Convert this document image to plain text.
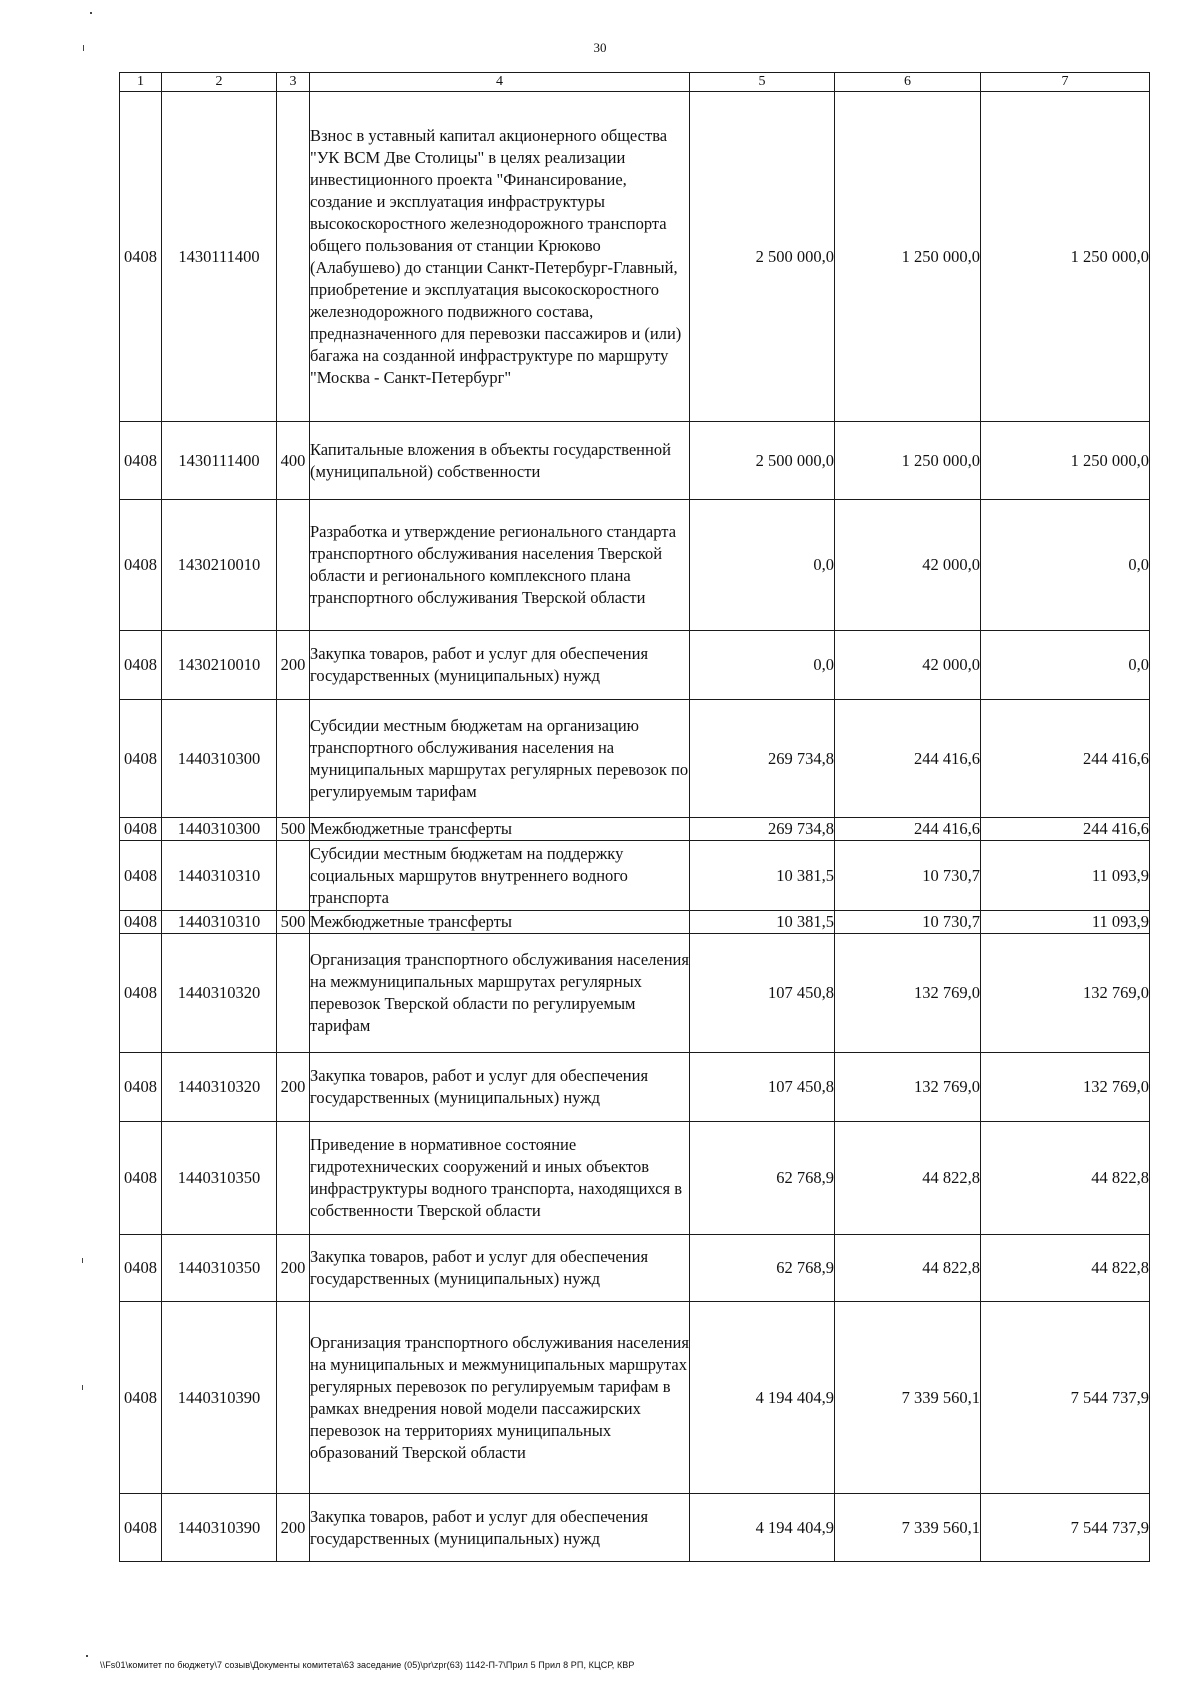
30
1	2	3	4	5	6	7
0408	1430111400		Взнос в уставный капитал акционерного общества "УК ВСМ Две Столицы" в целях реализации инвестиционного проекта "Финансирование, создание и эксплуатация инфраструктуры высокоскоростного железнодорожного транспорта общего пользования от станции Крюково (Алабушево) до станции Санкт-Петербург-Главный, приобретение и эксплуатация высокоскоростного железнодорожного подвижного состава, предназначенного для перевозки пассажиров и (или) багажа на созданной инфраструктуре по маршруту "Москва - Санкт-Петербург"	2 500 000,0	1 250 000,0	1 250 000,0
0408	1430111400	400	Капитальные вложения в объекты государственной (муниципальной) собственности	2 500 000,0	1 250 000,0	1 250 000,0
0408	1430210010		Разработка и утверждение регионального стандарта транспортного обслуживания населения Тверской области и регионального комплексного плана транспортного обслуживания Тверской области	0,0	42 000,0	0,0
0408	1430210010	200	Закупка товаров, работ и услуг для обеспечения государственных (муниципальных) нужд	0,0	42 000,0	0,0
0408	1440310300		Субсидии местным бюджетам на организацию транспортного обслуживания населения на муниципальных маршрутах регулярных перевозок по регулируемым тарифам	269 734,8	244 416,6	244 416,6
0408	1440310300	500	Межбюджетные трансферты	269 734,8	244 416,6	244 416,6
0408	1440310310		Субсидии местным бюджетам на поддержку социальных маршрутов внутреннего водного транспорта	10 381,5	10 730,7	11 093,9
0408	1440310310	500	Межбюджетные трансферты	10 381,5	10 730,7	11 093,9
0408	1440310320		Организация транспортного обслуживания населения на межмуниципальных маршрутах регулярных перевозок Тверской области по регулируемым тарифам	107 450,8	132 769,0	132 769,0
0408	1440310320	200	Закупка товаров, работ и услуг для обеспечения государственных (муниципальных) нужд	107 450,8	132 769,0	132 769,0
0408	1440310350		Приведение в нормативное состояние гидротехнических сооружений и иных объектов инфраструктуры водного транспорта, находящихся в собственности Тверской области	62 768,9	44 822,8	44 822,8
0408	1440310350	200	Закупка товаров, работ и услуг для обеспечения государственных (муниципальных) нужд	62 768,9	44 822,8	44 822,8
0408	1440310390		Организация транспортного обслуживания населения на муниципальных и межмуниципальных маршрутах регулярных перевозок по регулируемым тарифам в рамках внедрения новой модели пассажирских перевозок на территориях муниципальных образований Тверской области	4 194 404,9	7 339 560,1	7 544 737,9
0408	1440310390	200	Закупка товаров, работ и услуг для обеспечения государственных (муниципальных) нужд	4 194 404,9	7 339 560,1	7 544 737,9
\\Fs01\комитет по бюджету\7 созыв\Документы комитета\63 заседание (05)\pr\zpr(63) 1142-П-7\Прил 5 Прил 8 РП, КЦСР, КВР
